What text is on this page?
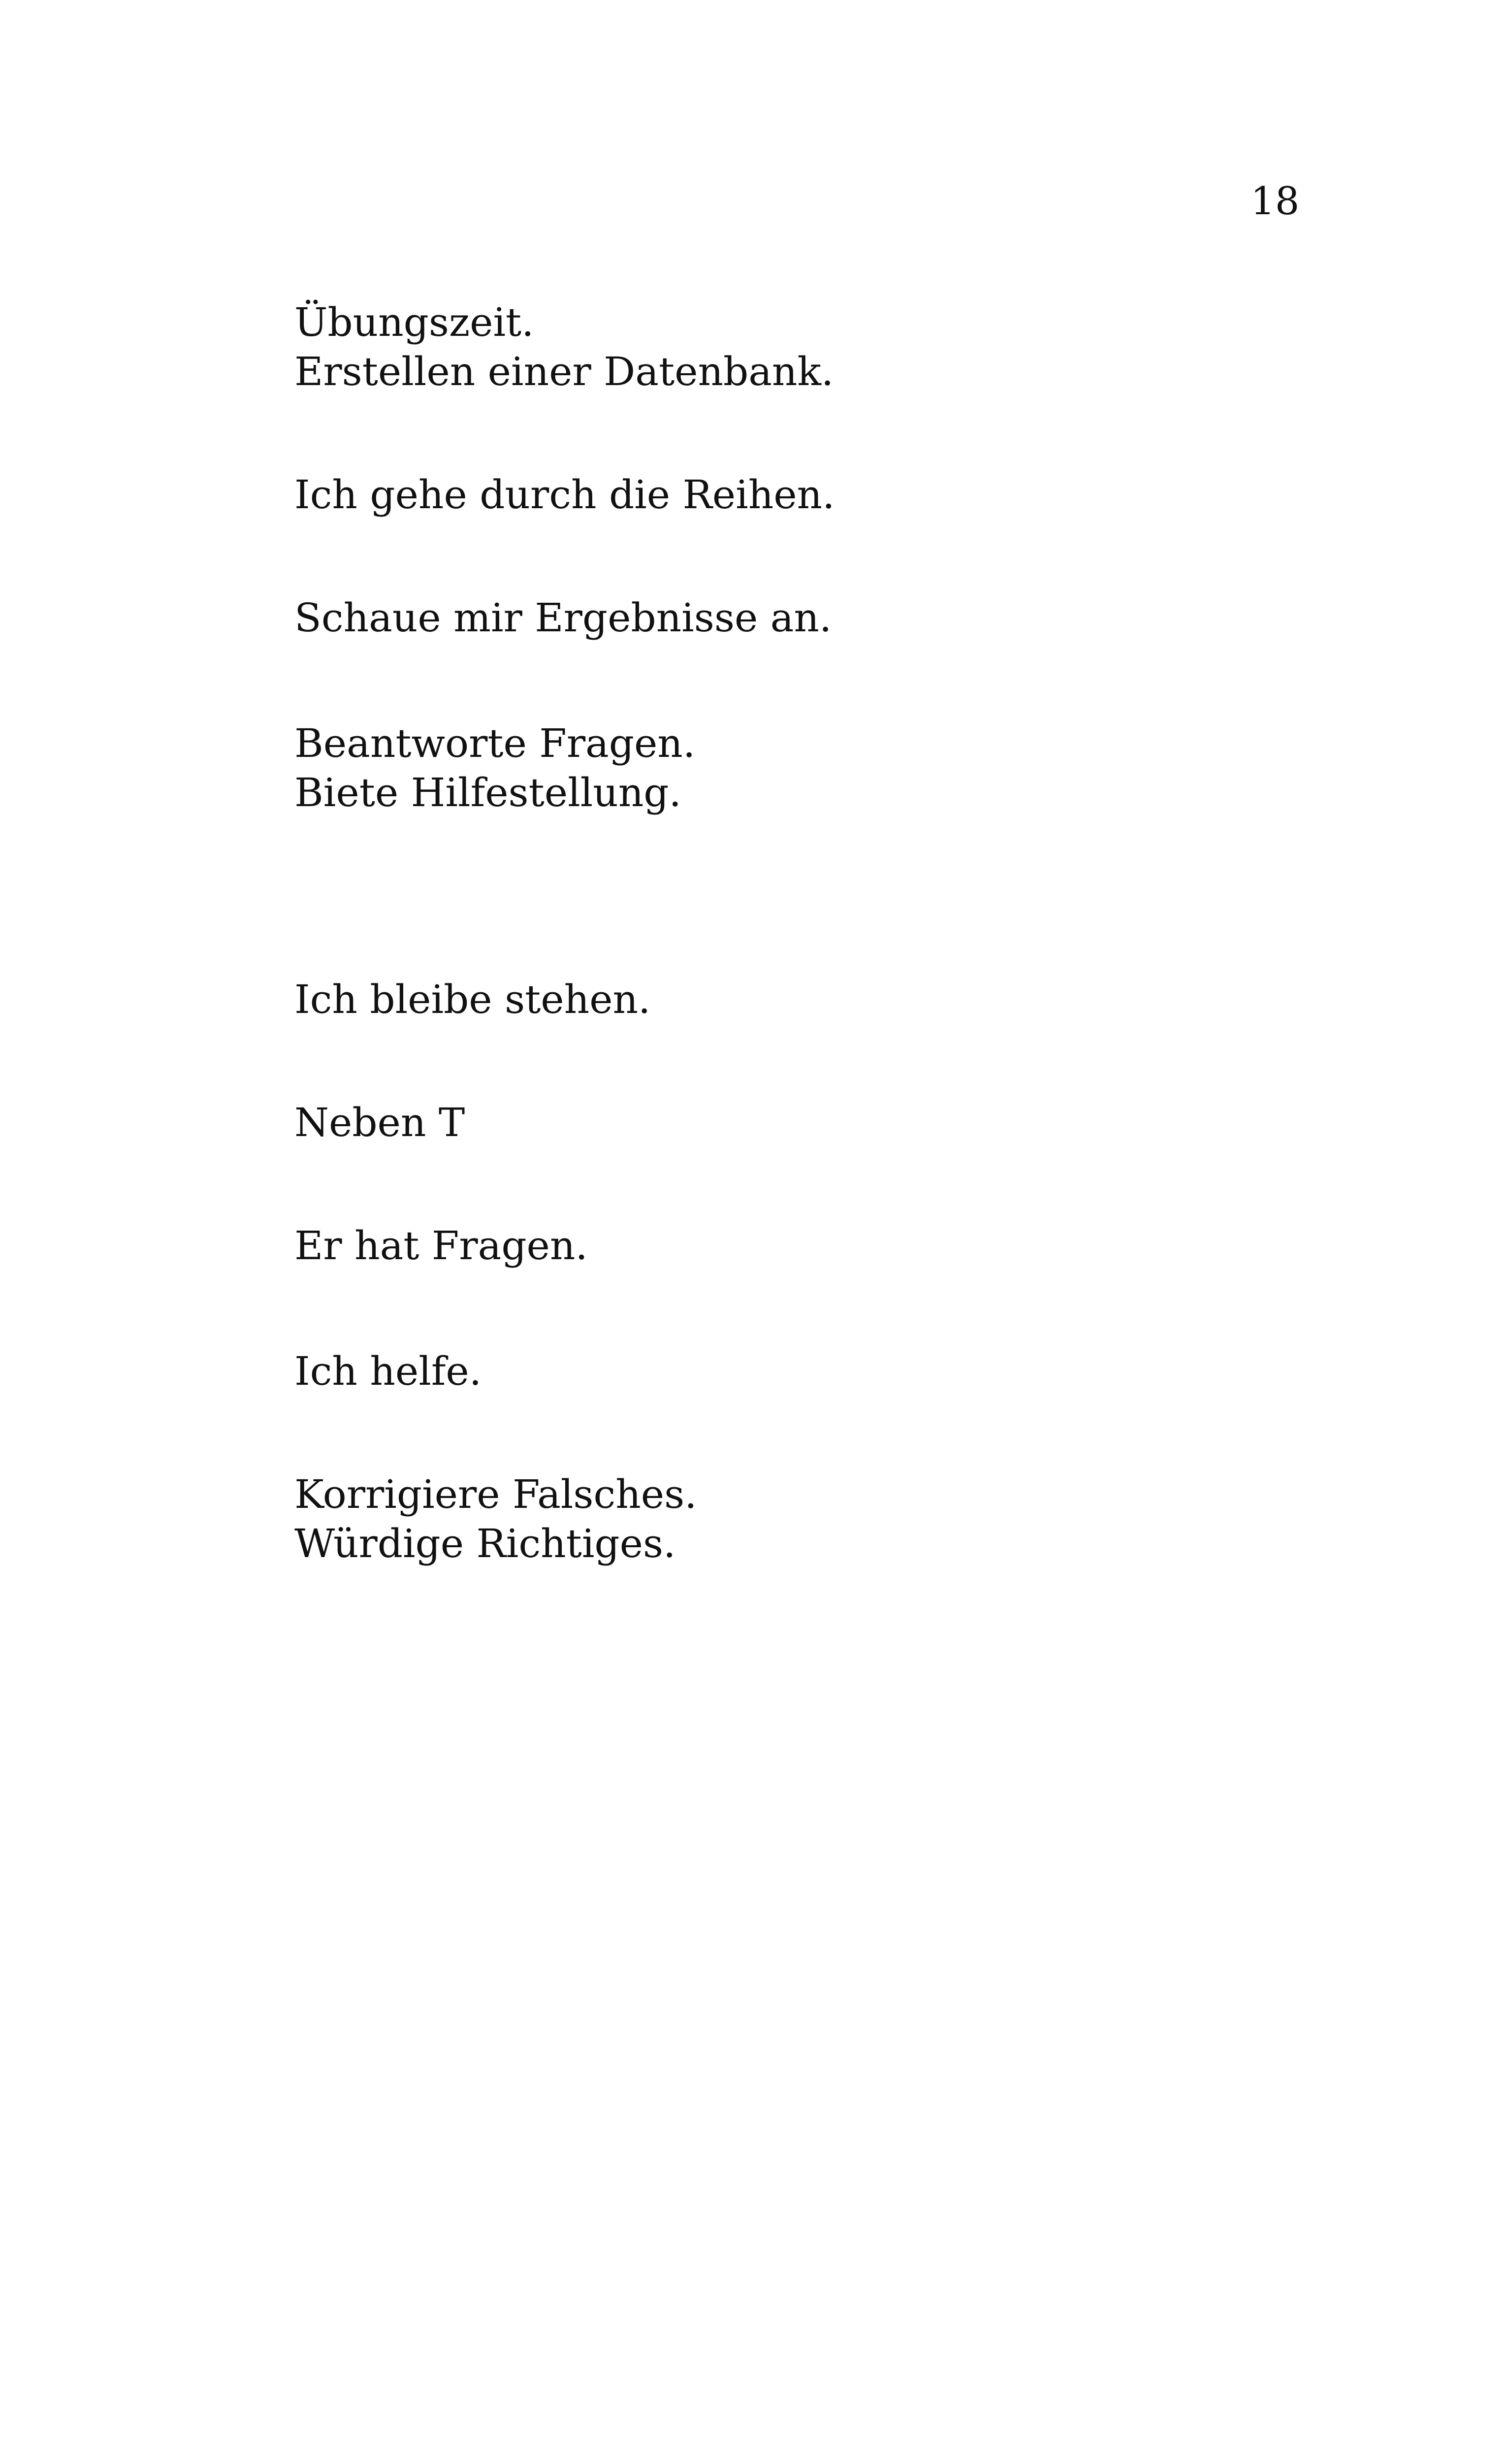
18

Übungszeit.
Erstellen einer Datenbank.
Ich gehe durch die Reihen.
Schaue mir Ergebnisse an.
Beantworte Fragen.
Biete Hilfestellung.
Ich bleibe stehen.
Neben T
Er hat Fragen.
Ich helfe.
Korrigiere Falsches.
Würdige Richtiges.
